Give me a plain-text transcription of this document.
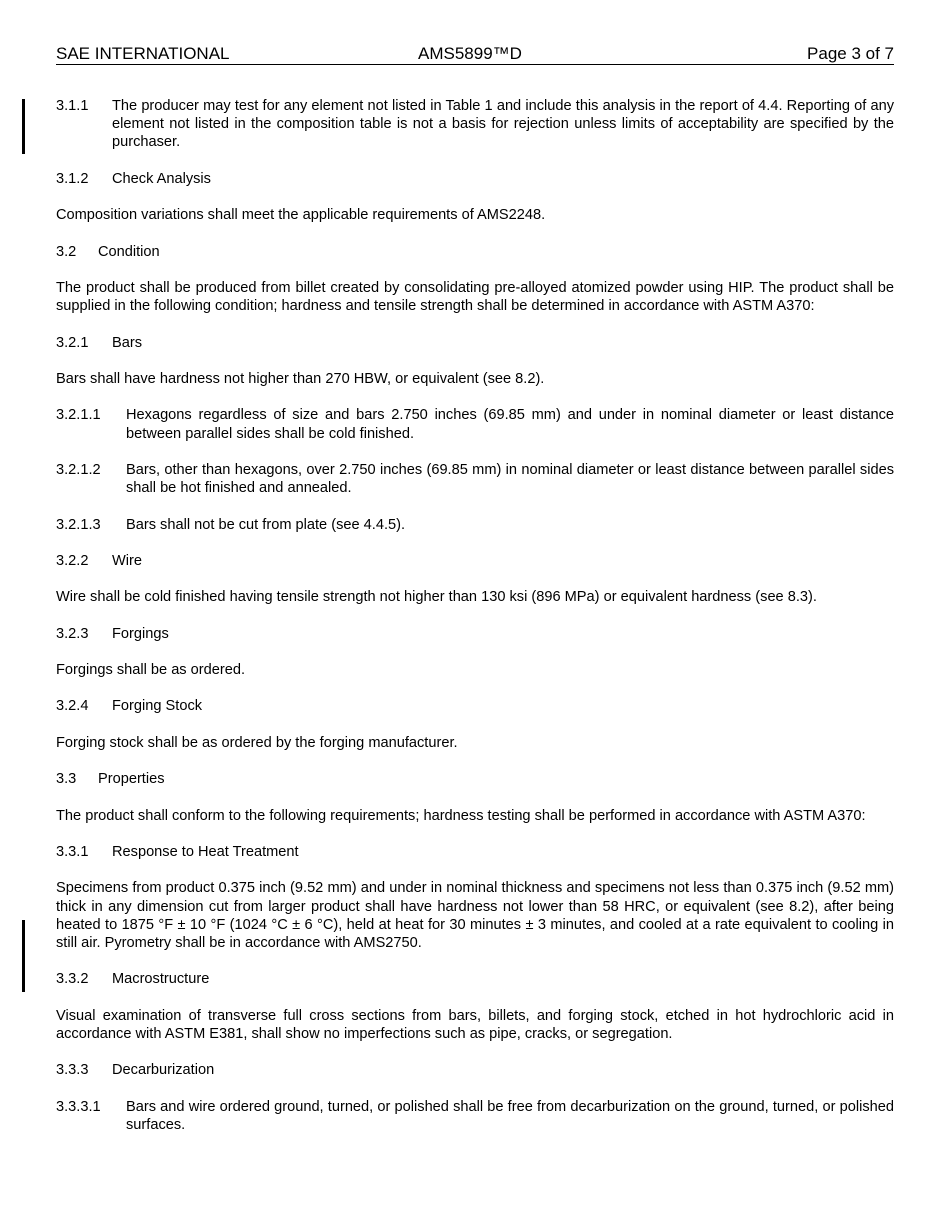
SAE INTERNATIONAL	AMS5899™D	Page 3 of 7
3.1.1	The producer may test for any element not listed in Table 1 and include this analysis in the report of 4.4. Reporting of any element not listed in the composition table is not a basis for rejection unless limits of acceptability are specified by the purchaser.
3.1.2	Check Analysis
Composition variations shall meet the applicable requirements of AMS2248.
3.2	Condition
The product shall be produced from billet created by consolidating pre-alloyed atomized powder using HIP. The product shall be supplied in the following condition; hardness and tensile strength shall be determined in accordance with ASTM A370:
3.2.1	Bars
Bars shall have hardness not higher than 270 HBW, or equivalent (see 8.2).
3.2.1.1	Hexagons regardless of size and bars 2.750 inches (69.85 mm) and under in nominal diameter or least distance between parallel sides shall be cold finished.
3.2.1.2	Bars, other than hexagons, over 2.750 inches (69.85 mm) in nominal diameter or least distance between parallel sides shall be hot finished and annealed.
3.2.1.3	Bars shall not be cut from plate (see 4.4.5).
3.2.2	Wire
Wire shall be cold finished having tensile strength not higher than 130 ksi (896 MPa) or equivalent hardness (see 8.3).
3.2.3	Forgings
Forgings shall be as ordered.
3.2.4	Forging Stock
Forging stock shall be as ordered by the forging manufacturer.
3.3	Properties
The product shall conform to the following requirements; hardness testing shall be performed in accordance with ASTM A370:
3.3.1	Response to Heat Treatment
Specimens from product 0.375 inch (9.52 mm) and under in nominal thickness and specimens not less than 0.375 inch (9.52 mm) thick in any dimension cut from larger product shall have hardness not lower than 58 HRC, or equivalent (see 8.2), after being heated to 1875 °F ± 10 °F (1024 °C ± 6 °C), held at heat for 30 minutes ± 3 minutes, and cooled at a rate equivalent to cooling in still air. Pyrometry shall be in accordance with AMS2750.
3.3.2	Macrostructure
Visual examination of transverse full cross sections from bars, billets, and forging stock, etched in hot hydrochloric acid in accordance with ASTM E381, shall show no imperfections such as pipe, cracks, or segregation.
3.3.3	Decarburization
3.3.3.1	Bars and wire ordered ground, turned, or polished shall be free from decarburization on the ground, turned, or polished surfaces.
